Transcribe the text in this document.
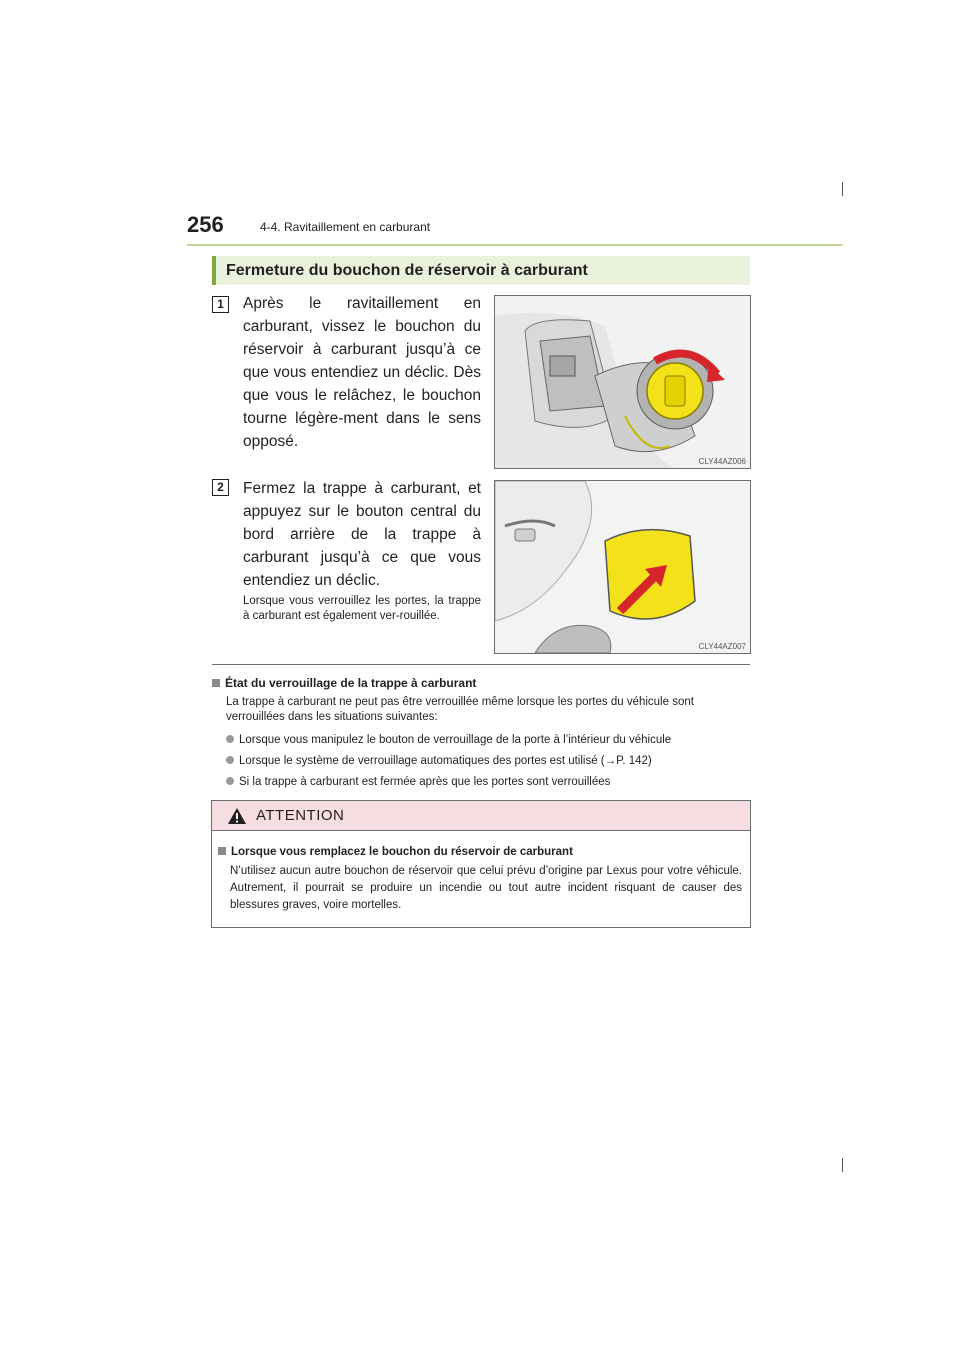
256	4-4. Ravitaillement en carburant
Fermeture du bouchon de réservoir à carburant
1	Après le ravitaillement en carburant, vissez le bouchon du réservoir à carburant jusqu’à ce que vous entendiez un déclic. Dès que vous le relâchez, le bouchon tourne légère-ment dans le sens opposé.
CLY44AZ006
2	Fermez la trappe à carburant, et appuyez sur le bouton central du bord arrière de la trappe à carburant jusqu’à ce que vous entendiez un déclic.
Lorsque vous verrouillez les portes, la trappe à carburant est également ver-rouillée.
CLY44AZ007
État du verrouillage de la trappe à carburant
La trappe à carburant ne peut pas être verrouillée même lorsque les portes du véhicule sont verrouillées dans les situations suivantes:
Lorsque vous manipulez le bouton de verrouillage de la porte à l’intérieur du véhicule
Lorsque le système de verrouillage automatiques des portes est utilisé (→P. 142)
Si la trappe à carburant est fermée après que les portes sont verrouillées
ATTENTION
Lorsque vous remplacez le bouchon du réservoir de carburant
N’utilisez aucun autre bouchon de réservoir que celui prévu d’origine par Lexus pour votre véhicule. Autrement, il pourrait se produire un incendie ou tout autre incident risquant de causer des blessures graves, voire mortelles.
